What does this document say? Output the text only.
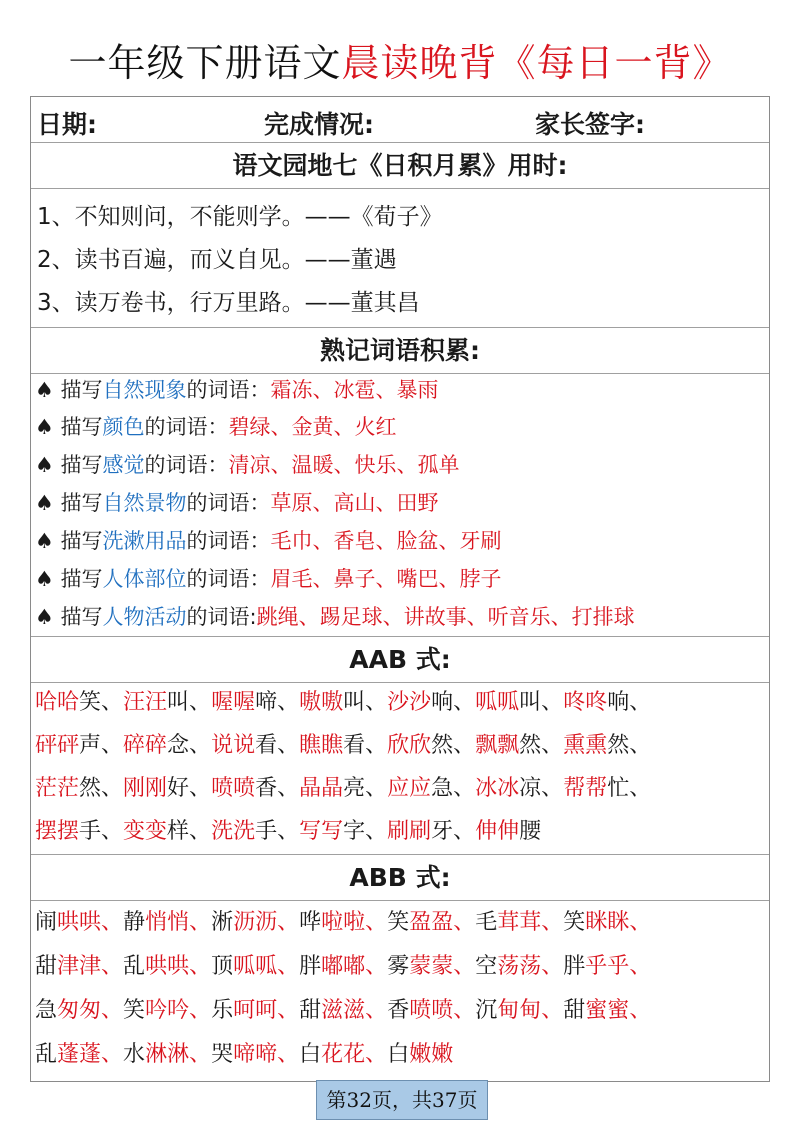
一年级下册语文晨读晚背《每日一背》
日期:	完成情况:	家长签字:
语文园地七《日积月累》用时:
1、不知则问，不能则学。——《荀子》
2、读书百遍，而义自见。——董遇
3、读万卷书，行万里路。——董其昌
熟记词语积累:
♠ 描写自然现象的词语：霜冻、冰雹、暴雨
♠ 描写颜色的词语：碧绿、金黄、火红
♠ 描写感觉的词语：清凉、温暖、快乐、孤单
♠ 描写自然景物的词语：草原、高山、田野
♠ 描写洗漱用品的词语：毛巾、香皂、脸盆、牙刷
♠ 描写人体部位的词语：眉毛、鼻子、嘴巴、脖子
♠ 描写人物活动的词语:跳绳、踢足球、讲故事、听音乐、打排球
AAB 式:
哈哈笑、汪汪叫、喔喔啼、嗷嗷叫、沙沙响、呱呱叫、咚咚响、
砰砰声、碎碎念、说说看、瞧瞧看、欣欣然、飘飘然、熏熏然、
茫茫然、刚刚好、喷喷香、晶晶亮、应应急、冰冰凉、帮帮忙、
摆摆手、变变样、洗洗手、写写字、刷刷牙、伸伸腰
ABB 式:
闹哄哄、静悄悄、淅沥沥、哗啦啦、笑盈盈、毛茸茸、笑眯眯、
甜津津、乱哄哄、顶呱呱、胖嘟嘟、雾蒙蒙、空荡荡、胖乎乎、
急匆匆、笑吟吟、乐呵呵、甜滋滋、香喷喷、沉甸甸、甜蜜蜜、
乱蓬蓬、水淋淋、哭啼啼、白花花、白嫩嫩
第32页，共37页
